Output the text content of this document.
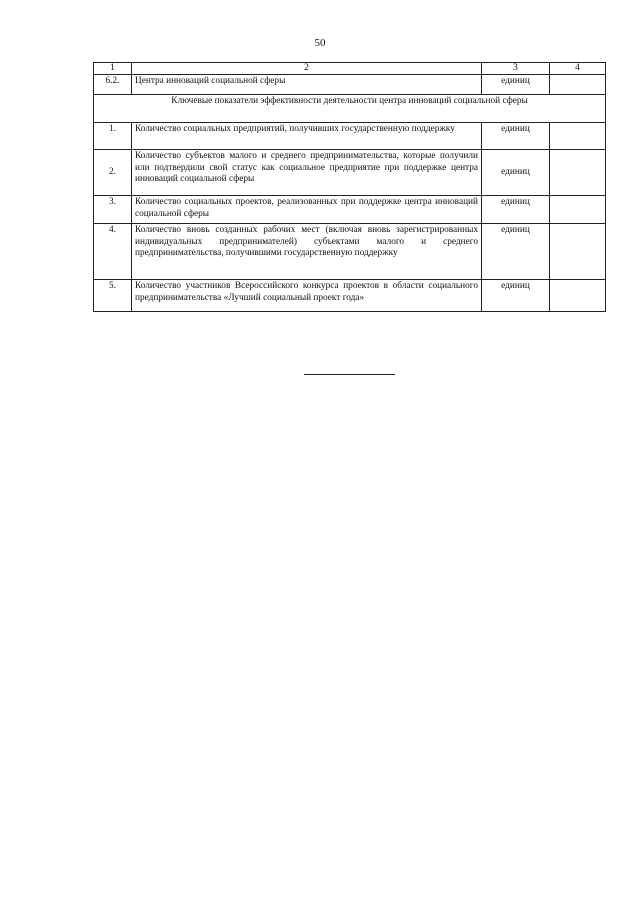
50
1	2	3	4
6.2.	Центра инноваций социальной сферы	единиц	
Ключевые показатели эффективности деятельности центра инноваций социальной сферы			
1.	Количество социальных предприятий, получивших государственную поддержку	единиц	
2.	Количество субъектов малого и среднего предпринимательства, которые получили или подтвердили свой статус как социальное предприятие при поддержке центра инноваций социальной сферы	единиц	
3.	Количество социальных проектов, реализованных при поддержке центра инноваций социальной сферы	единиц	
4.	Количество вновь созданных рабочих мест (включая вновь зарегистрированных индивидуальных предпринимателей) субъектами малого и среднего предпринимательства, получившими государственную поддержку	единиц	
5.	Количество участников Всероссийского конкурса проектов в области социального предпринимательства «Лучший социальный проект года»	единиц	
